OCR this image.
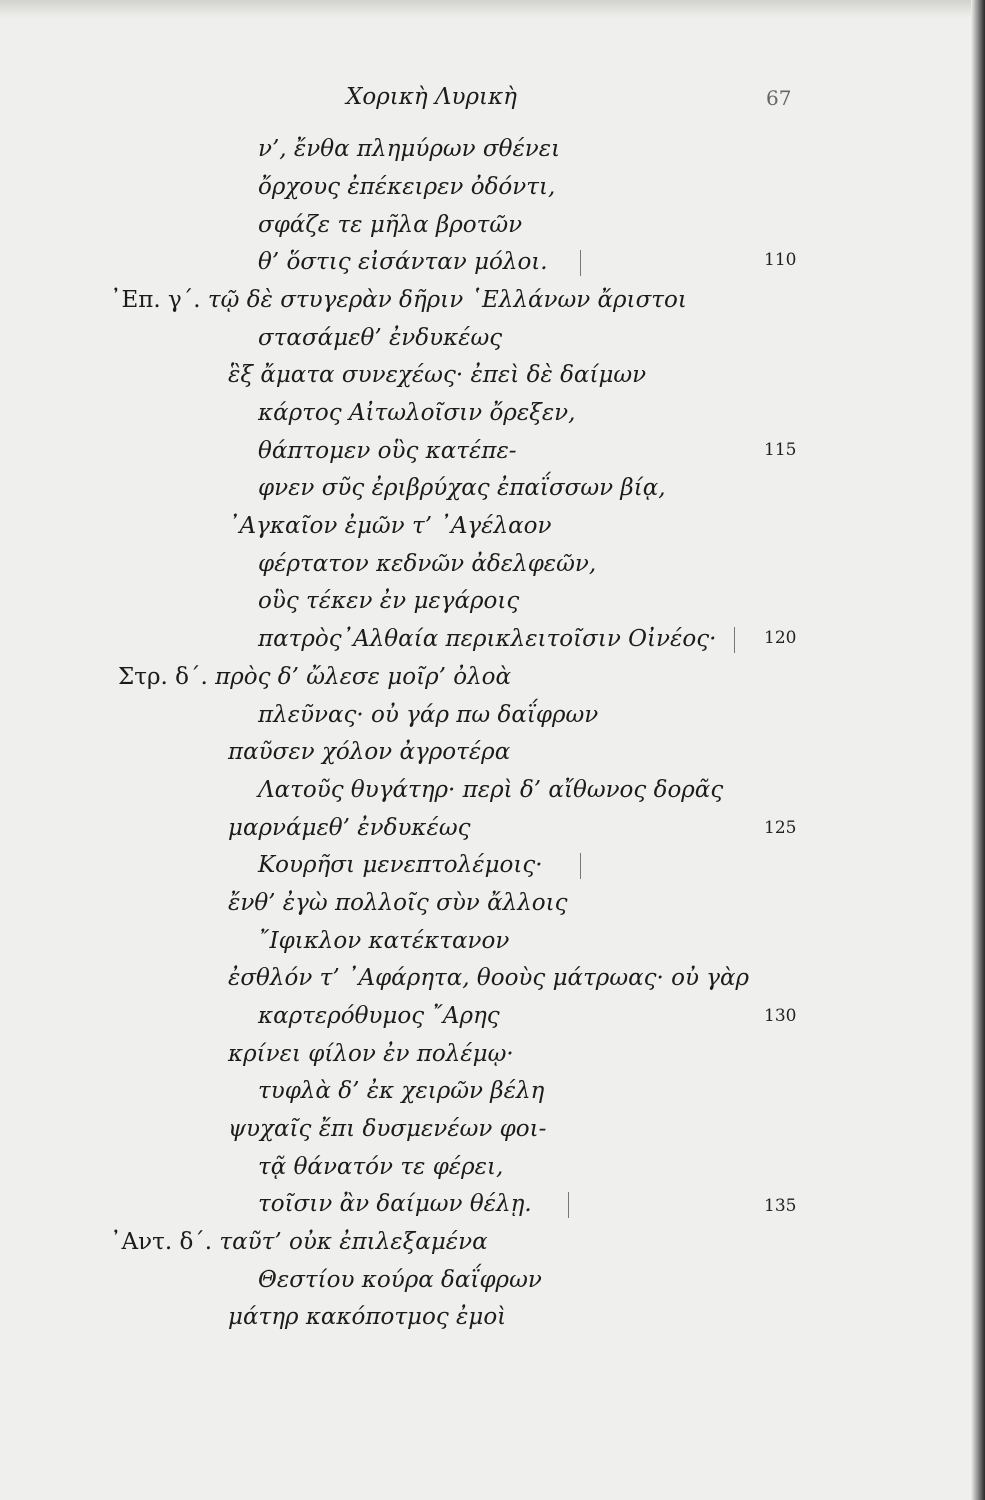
Χορικὴ Λυρικὴ	67
ν’, ἔνθα πλημύρων σθένει
ὄρχους ἐπέκειρεν ὀδόντι,
σφάζε τε μῆλα βροτῶν
θ’ ὅστις εἰσάνταν μόλοι.
᾿Επ. γ΄. τῷ δὲ στυγερὰν δῆριν ῾Ελλάνων ἄριστοι
στασάμεθ’ ἐνδυκέως
ἓξ ἄματα συνεχέως· ἐπεὶ δὲ δαίμων
κάρτος Αἰτωλοῖσιν ὄρεξεν,
θάπτομεν οὓς κατέπε-
φνεν σῦς ἐριβρύχας ἐπαΐσσων βίᾳ,
᾿Αγκαῖον ἐμῶν τ’ ᾿Αγέλαον
φέρτατον κεδνῶν ἀδελφεῶν,
οὓς τέκεν ἐν μεγάροις
πατρὸς᾿Αλθαία περικλειτοῖσιν Οἰνέος·
Στρ. δ΄. πρὸς δ’ ὤλεσε μοῖρ’ ὀλοὰ
πλευ̃νας· οὐ γάρ πω δαΐφρων
παῦσεν χόλον ἀγροτέρα
Λατοῦς θυγάτηρ· περὶ δ’ αἴθωνος δορᾶς
μαρνάμεθ’ ἐνδυκέως
Κουρῆσι μενεπτολέμοις·
ἔνθ’ ἐγὼ πολλοῖς σὺν ἄλλοις
῎Ιφικλον κατέκτανον
ἐσθλόν τ’ ᾿Αφάρητα, θοοὺς μάτρωας· οὐ γὰρ
καρτερόθυμος ῎Αρης
κρίνει φίλον ἐν πολέμῳ·
τυφλὰ δ’ ἐκ χειρῶν βέλη
ψυχαῖς ἔπι δυσμενέων φοι-
τᾷ θάνατόν τε φέρει,
τοῖσιν ἂν δαίμων θέλῃ.
᾿Αντ. δ΄. ταῦτ’ οὐκ ἐπιλεξαμένα
Θεστίου κούρα δαΐφρων
μάτηρ κακόποτμος ἐμοὶ
110
115
120
125
130
135
